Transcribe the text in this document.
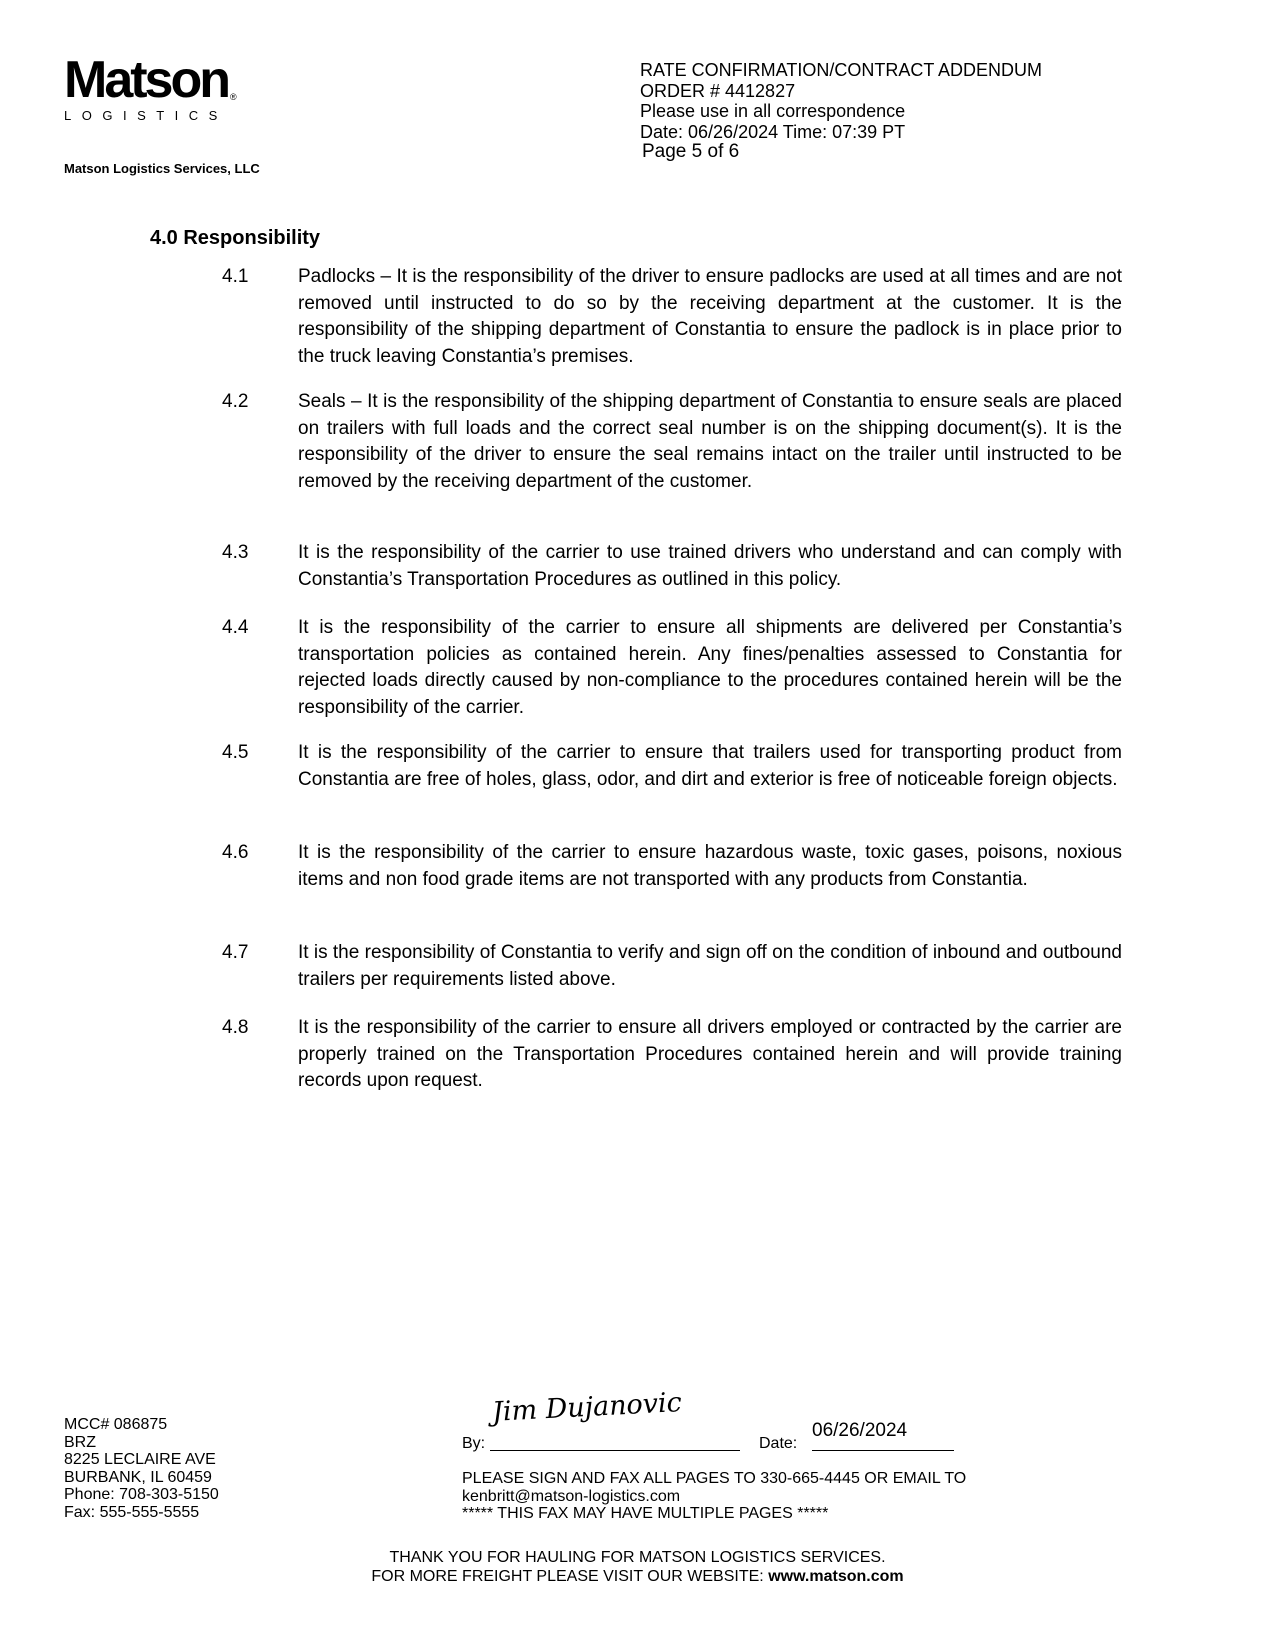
Matson ®
LOGISTICS
Matson Logistics Services, LLC
RATE CONFIRMATION/CONTRACT ADDENDUM
ORDER # 4412827
Please use in all correspondence
Date: 06/26/2024 Time: 07:39 PT
Page 5 of 6
4.0 Responsibility
4.1	Padlocks – It is the responsibility of the driver to ensure padlocks are used at all times and are not removed until instructed to do so by the receiving department at the customer. It is the responsibility of the shipping department of Constantia to ensure the padlock is in place prior to the truck leaving Constantia’s premises.
4.2	Seals – It is the responsibility of the shipping department of Constantia to ensure seals are placed on trailers with full loads and the correct seal number is on the shipping document(s). It is the responsibility of the driver to ensure the seal remains intact on the trailer until instructed to be removed by the receiving department of the customer.
4.3	It is the responsibility of the carrier to use trained drivers who understand and can comply with Constantia’s Transportation Procedures as outlined in this policy.
4.4	It is the responsibility of the carrier to ensure all shipments are delivered per Constantia’s transportation policies as contained herein. Any fines/penalties assessed to Constantia for rejected loads directly caused by non-compliance to the procedures contained herein will be the responsibility of the carrier.
4.5	It is the responsibility of the carrier to ensure that trailers used for transporting product from Constantia are free of holes, glass, odor, and dirt and exterior is free of noticeable foreign objects.
4.6	It is the responsibility of the carrier to ensure hazardous waste, toxic gases, poisons, noxious items and non food grade items are not transported with any products from Constantia.
4.7	It is the responsibility of Constantia to verify and sign off on the condition of inbound and outbound trailers per requirements listed above.
4.8	It is the responsibility of the carrier to ensure all drivers employed or contracted by the carrier are properly trained on the Transportation Procedures contained herein and will provide training records upon request.
MCC# 086875
BRZ
8225 LECLAIRE AVE
BURBANK, IL 60459
Phone: 708-303-5150
Fax: 555-555-5555
Jim Dujanovic
By:	Date:
06/26/2024
PLEASE SIGN AND FAX ALL PAGES TO 330-665-4445 OR EMAIL TO
kenbritt@matson-logistics.com
***** THIS FAX MAY HAVE MULTIPLE PAGES *****
THANK YOU FOR HAULING FOR MATSON LOGISTICS SERVICES.
FOR MORE FREIGHT PLEASE VISIT OUR WEBSITE: www.matson.com
